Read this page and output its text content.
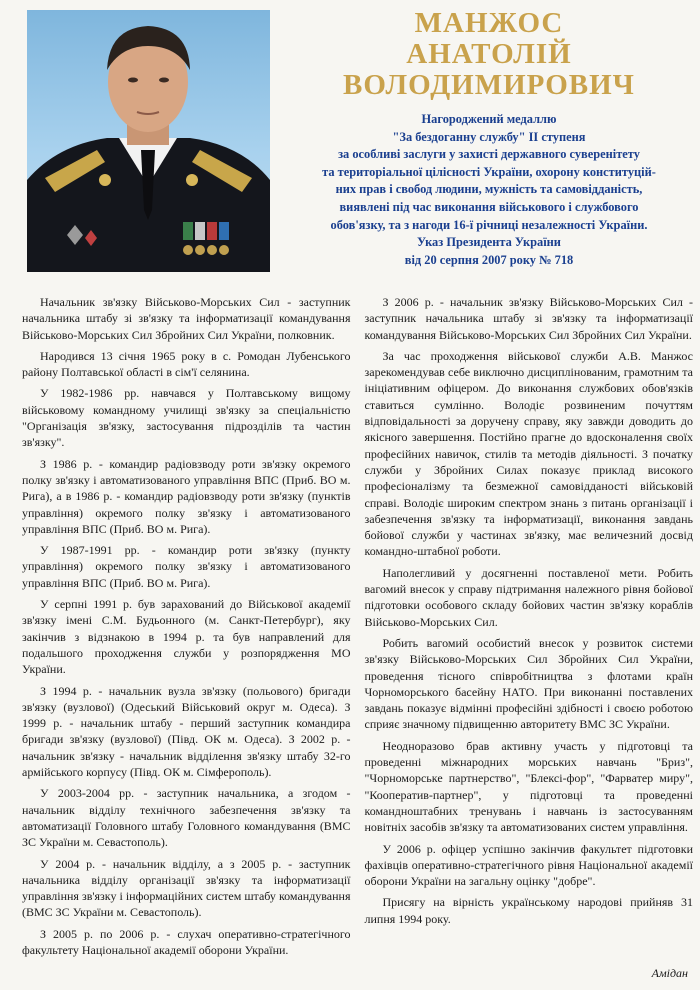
МАНЖОС
АНАТОЛІЙ
ВОЛОДИМИРОВИЧ
Нагороджений медаллю
"За бездоганну службу" ІІ ступеня
за особливі заслуги у захисті державного суверенітету
та територіальної цілісності України, охорону конституцій-
них прав і свобод людини, мужність та самовідданість,
виявлені під час виконання військового і службового
обов'язку, та з нагоди 16-ї річниці незалежності України.
Указ Президента України
від 20 серпня 2007 року № 718

Начальник зв'язку Військово-Морських Сил - заступник начальника штабу зі зв'язку та інформатизації командування Військово-Морських Сил Збройних Сил України, полковник.

Народився 13 січня 1965 року в с. Ромодан Лубенського району Полтавської області в сім'ї селянина.

У 1982-1986 рр. навчався у Полтавському вищому військовому командному училищі зв'язку за спеціальністю "Організація зв'язку, застосування підрозділів та частин зв'язку".

З 1986 р. - командир радіовзводу роти зв'язку окремого полку зв'язку і автоматизованого управління ВПС (Приб. ВО м. Рига), а в 1986 р. - командир радіовзводу роти зв'язку (пунктів управління) окремого полку зв'язку і автоматизованого управління ВПС (Приб. ВО м. Рига).

У 1987-1991 рр. - командир роти зв'язку (пункту управління) окремого полку зв'язку і автоматизованого управління ВПС (Приб. ВО м. Рига).

У серпні 1991 р. був зарахований до Військової академії зв'язку імені С.М. Будьонного (м. Санкт-Петербург), яку закінчив з відзнакою в 1994 р. та був направлений для подальшого проходження служби у розпорядження МО України.

З 1994 р. - начальник вузла зв'язку (польового) бригади зв'язку (вузлової) (Одеський Військовий округ м. Одеса). З 1999 р. - начальник штабу - перший заступник командира бригади зв'язку (вузлової) (Півд. ОК м. Одеса). З 2002 р. - начальник зв'язку - начальник відділення зв'язку штабу 32-го армійського корпусу (Півд. ОК м. Сімферополь).

У 2003-2004 рр. - заступник начальника, а згодом - начальник відділу технічного забезпечення зв'язку та автоматизації Головного штабу Головного командування (ВМС ЗС України м. Севастополь).

У 2004 р. - начальник відділу, а з 2005 р. - заступник начальника відділу організації зв'язку та інформатизації управління зв'язку і інформаційних систем штабу командування (ВМС ЗС України м. Севастополь).

З 2005 р. по 2006 р. - слухач оперативно-стратегічного факультету Національної академії оборони України.

З 2006 р. - начальник зв'язку Військово-Морських Сил - заступник начальника штабу зі зв'язку та інформатизації командування Військово-Морських Сил Збройних Сил України.

За час проходження військової служби А.В. Манжос зарекомендував себе виключно дисциплінованим, грамотним та ініціативним офіцером. До виконання службових обов'язків ставиться сумлінно. Володіє розвиненим почуттям відповідальності за доручену справу, яку завжди доводить до якісного завершення. Постійно прагне до вдосконалення своїх професійних навичок, стилів та методів діяльності. З початку служби у Збройних Силах показує приклад високого професіоналізму та безмежної самовідданості військовій справі. Володіє широким спектром знань з питань організації і забезпечення зв'язку та інформатизації, виконання завдань бойової служби у частинах зв'язку, має величезний досвід командно-штабної роботи.

Наполегливий у досягненні поставленої мети. Робить вагомий внесок у справу підтримання належного рівня бойової підготовки особового складу бойових частин зв'язку кораблів Військово-Морських Сил.

Робить вагомий особистий внесок у розвиток системи зв'язку Військово-Морських Сил Збройних Сил України, проведення тісного співробітництва з флотами країн Чорноморського басейну НАТО. При виконанні поставлених завдань показує відмінні професійні здібності і своєю роботою сприяє значному підвищенню авторитету ВМС ЗС України.

Неодноразово брав активну участь у підготовці та проведенні міжнародних морських навчань "Бриз", "Чорноморське партнерство", "Блексі-фор", "Фарватер миру", "Кооператив-партнер", у підготовці та проведенні командноштабних тренувань і навчань із застосуванням новітніх засобів зв'язку та автоматизованих систем управління.

У 2006 р. офіцер успішно закінчив факультет підготовки фахівців оперативно-стратегічного рівня Національної академії оборони України на загальну оцінку "добре".

Присягу на вірність українському народові прийняв 31 липня 1994 року.

Амідан
